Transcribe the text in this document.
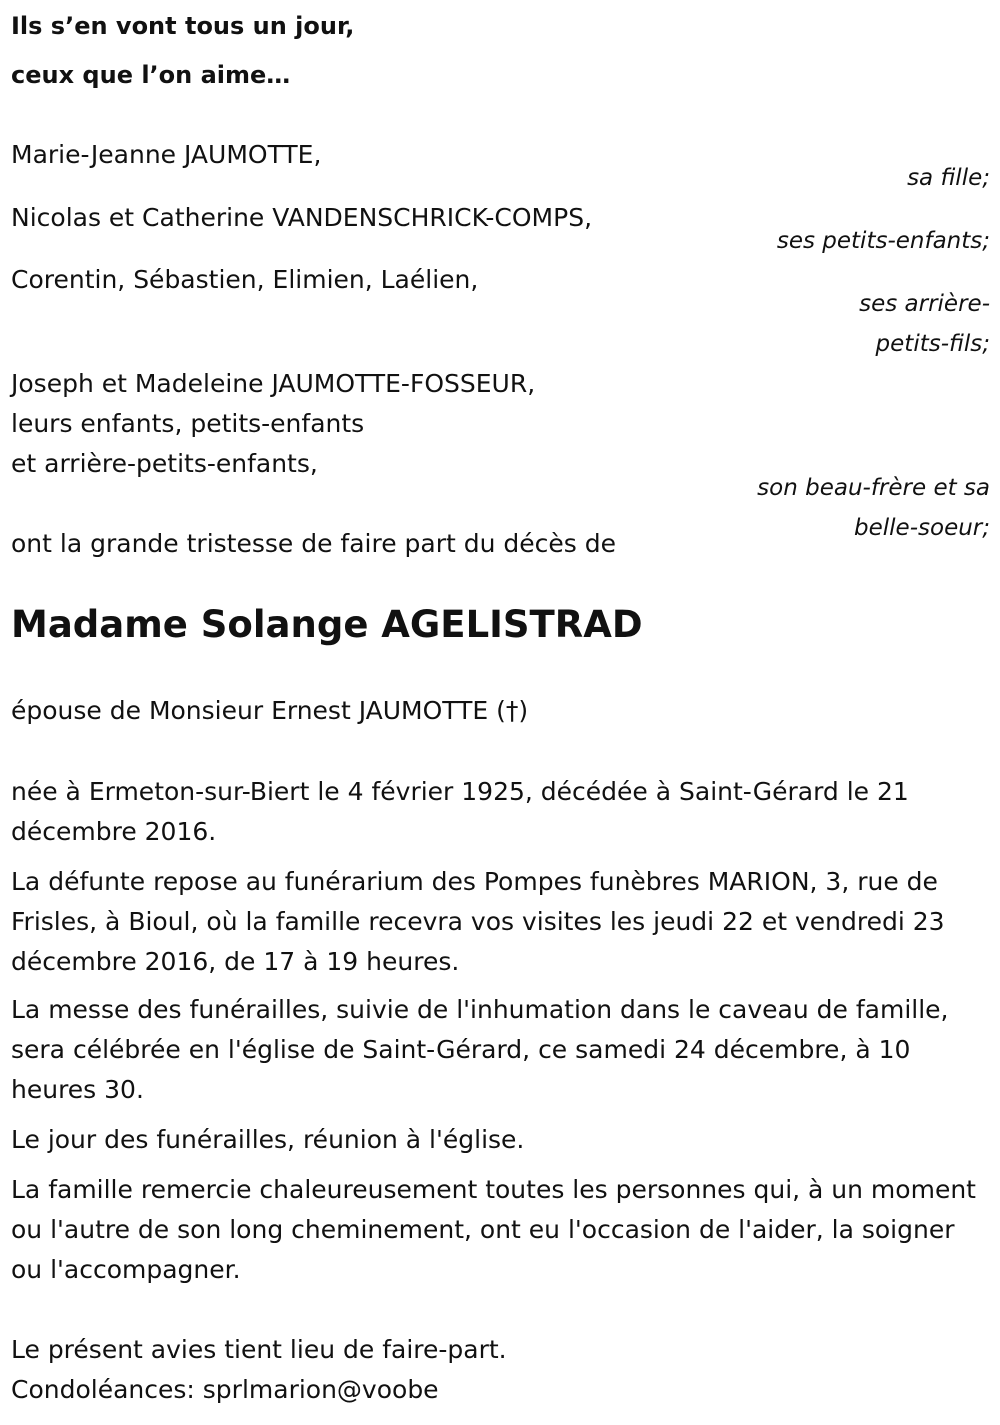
Ils s’en vont tous un jour,
ceux que l’on aime…
Marie-Jeanne JAUMOTTE,
sa fille;
Nicolas et Catherine VANDENSCHRICK-COMPS,
ses petits-enfants;
Corentin, Sébastien, Elimien, Laélien,
ses arrière-
petits-fils;
Joseph et Madeleine JAUMOTTE-FOSSEUR,
leurs enfants, petits-enfants
et arrière-petits-enfants,
son beau-frère et sa
belle-soeur;
ont la grande tristesse de faire part du décès de
Madame Solange AGELISTRAD
épouse de Monsieur Ernest JAUMOTTE (†)
née à Ermeton-sur-Biert le 4 février 1925, décédée à Saint-Gérard le 21 décembre 2016.
La défunte repose au funérarium des Pompes funèbres MARION, 3, rue de Frisles, à Bioul, où la famille recevra vos visites les jeudi 22 et vendredi 23 décembre 2016, de 17 à 19 heures.
La messe des funérailles, suivie de l'inhumation dans le caveau de famille, sera célébrée en l'église de Saint-Gérard, ce samedi 24 décembre, à 10 heures 30.
Le jour des funérailles, réunion à l'église.
La famille remercie chaleureusement toutes les personnes qui, à un moment ou l'autre de son long cheminement, ont eu l'occasion de l'aider, la soigner ou l'accompagner.
Le présent avies tient lieu de faire-part.
Condoléances: sprlmarion@voobe
